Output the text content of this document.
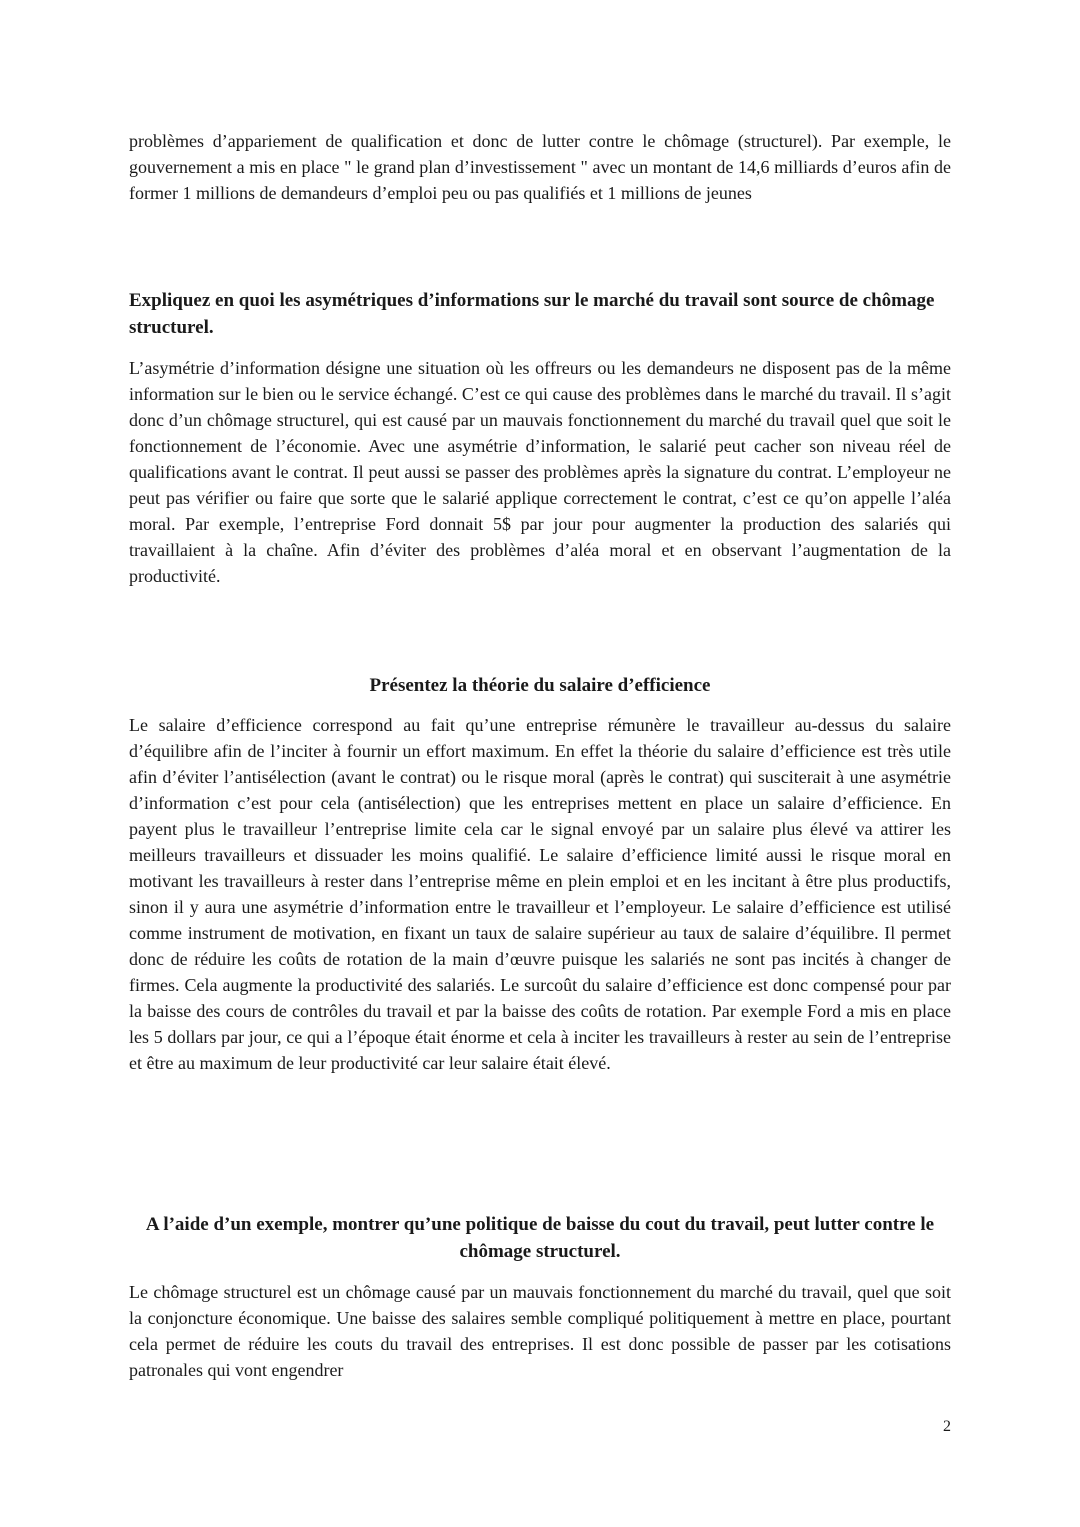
problèmes d’appariement de qualification et donc de lutter contre le chômage (structurel). Par exemple, le gouvernement a mis en place " le grand plan d’investissement " avec un montant de 14,6 milliards d’euros afin de former 1 millions de demandeurs d’emploi peu ou pas qualifiés et 1 millions de jeunes

Expliquez en quoi les asymétriques d’informations sur le marché du travail sont source de chômage structurel.

L’asymétrie d’information désigne une situation où les offreurs ou les demandeurs ne disposent pas de la même information sur le bien ou le service échangé. C’est ce qui cause des problèmes dans le marché du travail. Il s’agit donc d’un chômage structurel, qui est causé par un mauvais fonctionnement du marché du travail quel que soit le fonctionnement de l’économie. Avec une asymétrie d’information, le salarié peut cacher son niveau réel de qualifications avant le contrat. Il peut aussi se passer des problèmes après la signature du contrat. L’employeur ne peut pas vérifier ou faire que sorte que le salarié applique correctement le contrat, c’est ce qu’on appelle l’aléa moral. Par exemple, l’entreprise Ford donnait 5$ par jour pour augmenter la production des salariés qui travaillaient à la chaîne. Afin d’éviter des problèmes d’aléa moral et en observant l’augmentation de la productivité.

Présentez la théorie du salaire d’efficience

Le salaire d’efficience correspond au fait qu’une entreprise rémunère le travailleur au-dessus du salaire d’équilibre afin de l’inciter à fournir un effort maximum. En effet la théorie du salaire d’efficience est très utile afin d’éviter l’antisélection (avant le contrat) ou le risque moral (après le contrat) qui susciterait à une asymétrie d’information c’est pour cela (antisélection) que les entreprises mettent en place un salaire d’efficience. En payent plus le travailleur l’entreprise limite cela car le signal envoyé par un salaire plus élevé va attirer les meilleurs travailleurs et dissuader les moins qualifié. Le salaire d’efficience limité aussi le risque moral en motivant les travailleurs à rester dans l’entreprise même en plein emploi et en les incitant à être plus productifs, sinon il y aura une asymétrie d’information entre le travailleur et l’employeur. Le salaire d’efficience est utilisé comme instrument de motivation, en fixant un taux de salaire supérieur au taux de salaire d’équilibre. Il permet donc de réduire les coûts de rotation de la main d’œuvre puisque les salariés ne sont pas incités à changer de firmes. Cela augmente la productivité des salariés. Le surcoût du salaire d’efficience est donc compensé pour par la baisse des cours de contrôles du travail et par la baisse des coûts de rotation. Par exemple Ford a mis en place les 5 dollars par jour, ce qui a l’époque était énorme et cela à inciter les travailleurs à rester au sein de l’entreprise et être au maximum de leur productivité car leur salaire était élevé.

A l’aide d’un exemple, montrer qu’une politique de baisse du cout du travail, peut lutter contre le chômage structurel.

Le chômage structurel est un chômage causé par un mauvais fonctionnement du marché du travail, quel que soit la conjoncture économique. Une baisse des salaires semble compliqué politiquement à mettre en place, pourtant cela permet de réduire les couts du travail des entreprises. Il est donc possible de passer par les cotisations patronales qui vont engendrer

2
